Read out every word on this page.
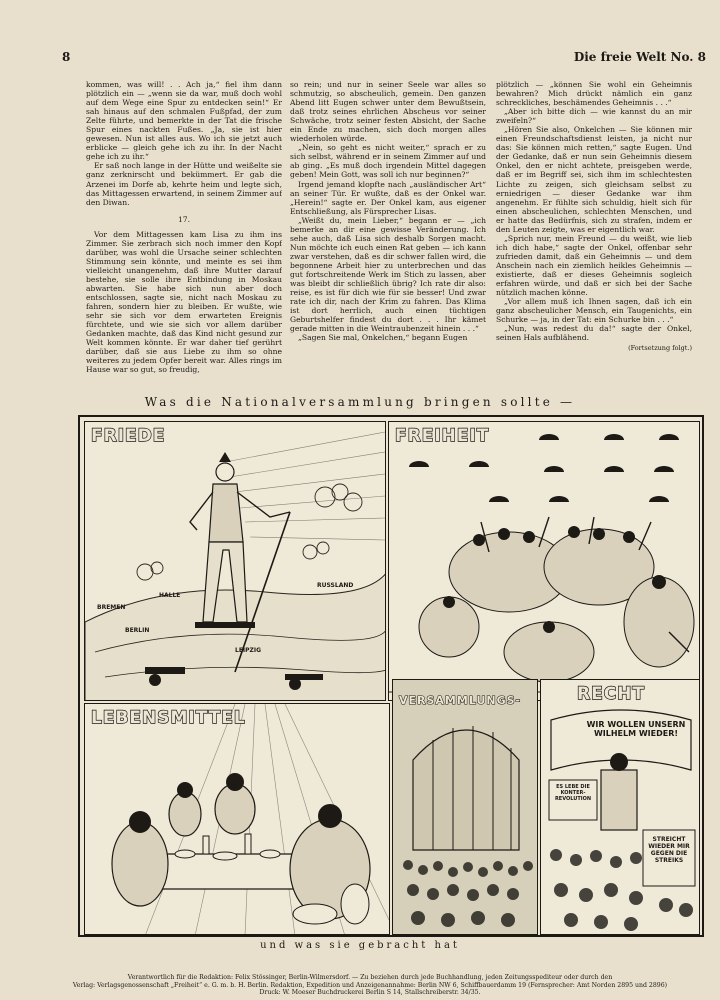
8	Die freie Welt No. 8

kommen, was will! . . Ach ja,“ fiel ihm dann plötzlich ein — „wenn sie da war, muß doch wohl auf dem Wege eine Spur zu entdecken sein!“ Er sah hinaus auf den schmalen Fußpfad, der zum Zelte führte, und bemerkte in der Tat die frische Spur eines nackten Fußes. „Ja, sie ist hier gewesen. Nun ist alles aus. Wo ich sie jetzt auch erblicke — gleich gehe ich zu ihr. In der Nacht gehe ich zu ihr.“

Er saß noch lange in der Hütte und weißelte sie ganz zerknirscht und bekümmert. Er gab die Arzenei im Dorfe ab, kehrte heim und legte sich, das Mittagessen erwartend, in seinem Zimmer auf den Diwan.

17.

Vor dem Mittagessen kam Lisa zu ihm ins Zimmer. Sie zerbrach sich noch immer den Kopf darüber, was wohl die Ursache seiner schlechten Stimmung sein könnte, und meinte es sei ihm vielleicht unangenehm, daß ihre Mutter darauf bestehe, sie solle ihre Entbindung in Moskau abwarten. Sie habe sich nun aber doch entschlossen, sagte sie, nicht nach Moskau zu fahren, sondern hier zu bleiben. Er wußte, wie sehr sie sich vor dem erwarteten Ereignis fürchtete, und wie sie sich vor allem darüber Gedanken machte, daß das Kind nicht gesund zur Welt kommen könnte. Er war daher tief gerührt darüber, daß sie aus Liebe zu ihm so ohne weiteres zu jedem Opfer bereit war. Alles rings im Hause war so gut, so freudig,

so rein; und nur in seiner Seele war alles so schmutzig, so abscheulich, gemein. Den ganzen Abend litt Eugen schwer unter dem Bewußtsein, daß trotz seines ehrlichen Abscheus vor seiner Schwäche, trotz seiner festen Absicht, der Sache ein Ende zu machen, sich doch morgen alles wiederholen würde.

„Nein, so geht es nicht weiter,“ sprach er zu sich selbst, während er in seinem Zimmer auf und ab ging. „Es muß doch irgendein Mittel dagegen geben! Mein Gott, was soll ich nur beginnen?“

Irgend jemand klopfte nach „ausländischer Art“ an seiner Tür. Er wußte, daß es der Onkel war. „Herein!“ sagte er. Der Onkel kam, aus eigener Entschließung, als Fürsprecher Lisas.

„Weißt du, mein Lieber,“ begann er — „ich bemerke an dir eine gewisse Veränderung. Ich sehe auch, daß Lisa sich deshalb Sorgen macht. Nun möchte ich euch einen Rat geben — ich kann zwar verstehen, daß es dir schwer fallen wird, die begonnene Arbeit hier zu unterbrechen und das gut fortschreitende Werk im Stich zu lassen, aber was bleibt dir schließlich übrig? Ich rate dir also: reise, es ist für dich wie für sie besser! Und zwar rate ich dir, nach der Krim zu fahren. Das Klima ist dort herrlich, auch einen tüchtigen Geburtshelfer findest du dort . . . Ihr kämet gerade mitten in die Weintraubenzeit hinein . . .“

„Sagen Sie mal, Onkelchen,“ begann Eugen

plötzlich — „können Sie wohl ein Geheimnis bewahren? Mich drückt nämlich ein ganz schreckliches, beschämendes Geheimnis . . .“

„Aber ich bitte dich — wie kannst du an mir zweifeln?“

„Hören Sie also, Onkelchen — Sie können mir einen Freundschaftsdienst leisten, ja nicht nur das: Sie können mich retten,“ sagte Eugen. Und der Gedanke, daß er nun sein Geheimnis diesem Onkel, den er nicht achtete, preisgeben werde, daß er im Begriff sei, sich ihm im schlechtesten Lichte zu zeigen, sich gleichsam selbst zu erniedrigen — dieser Gedanke war ihm angenehm. Er fühlte sich schuldig, hielt sich für einen abscheulichen, schlechten Menschen, und er hatte das Bedürfnis, sich zu strafen, indem er den Leuten zeigte, was er eigentlich war.

„Sprich nur, mein Freund — du weißt, wie lieb ich dich habe,“ sagte der Onkel, offenbar sehr zufrieden damit, daß ein Geheimnis — und dem Anschein nach ein ziemlich heikles Geheimnis — existierte, daß er dieses Geheimnis sogleich erfahren würde, und daß er sich bei der Sache nützlich machen könne.

„Vor allem muß ich Ihnen sagen, daß ich ein ganz abscheulicher Mensch, ein Taugenichts, ein Schurke — ja, in der Tat: ein Schurke bin . . .“

„Nun, was redest du da!“ sagte der Onkel, seinen Hals aufblähend.

(Fortsetzung folgt.)

Was die Nationalversammlung bringen sollte —
FRIEDE
RUSSLAND
BREMEN
HALLE
BERLIN
LEIPZIG
FREIHEIT
LEBENSMITTEL
VERSAMMLUNGS-	RECHT
WIR WOLLEN UNSERN WILHELM WIEDER!
ES LEBE DIE KONTER- REVOLUTION
STREICHT WIEDER MIR GEGEN DIE STREIKS
und was sie gebracht hat
Verantwortlich für die Redaktion: Felix Stössinger, Berlin-Wilmersdorf. — Zu beziehen durch jede Buchhandlung, jeden Zeitungsspediteur oder durch den
Verlag: Verlagsgenossenschaft „Freiheit“ e. G. m. b. H. Berlin. Redaktion, Expedition und Anzeigenannahme: Berlin NW 6, Schiffbauerdamm 19 (Fernsprecher: Amt Norden 2895 und 2896)
Druck: W. Moeser Buchdruckerei Berlin S 14, Stallschreiberstr. 34/35.
